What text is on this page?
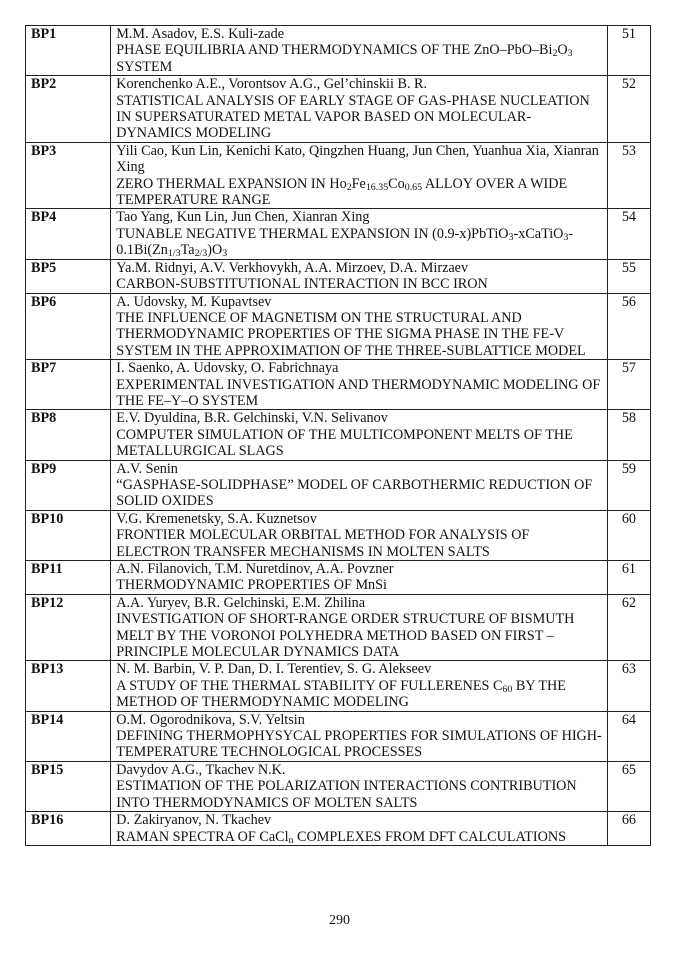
BP1	M.M. Asadov, E.S. Kuli-zade
PHASE EQUILIBRIA AND THERMODYNAMICS OF THE ZnO–$PbO-Bi_2O_3$ SYSTEM	51
BP2	Korenchenko A.E., Vorontsov A.G., Gel’chinskii B. R.
STATISTICAL ANALYSIS OF EARLY STAGE OF GAS-PHASE NUCLEATION IN SUPERSATURATED METAL VAPOR BASED ON MOLECULAR-DYNAMICS MODELING	52
BP3	Yili Cao, Kun Lin, Kenichi Kato, Qingzhen Huang, Jun Chen, Yuanhua Xia, Xianran Xing
ZERO THERMAL EXPANSION IN $Ho_2Fe_{16.35}Co_{0.65}$ ALLOY OVER A WIDE TEMPERATURE RANGE	53
BP4	Tao Yang, Kun Lin, Jun Chen, Xianran Xing
TUNABLE NEGATIVE THERMAL EXPANSION IN $(0.9-x)PbTiO_3-xCaTiO_3-0.1Bi(Zn_{1/3}Ta_{2/3})O_3$	54
BP5	Ya.M. Ridnyi, A.V. Verkhovykh, A.A. Mirzoev, D.A. Mirzaev
CARBON-SUBSTITUTIONAL INTERACTION IN BCC IRON	55
BP6	A. Udovsky, M. Kupavtsev
THE INFLUENCE OF MAGNETISM ON THE STRUCTURAL AND THERMODYNAMIC PROPERTIES OF THE SIGMA PHASE IN THE FE-V SYSTEM IN THE APPROXIMATION OF THE THREE-SUBLATTICE MODEL	56
BP7	I. Saenko, A. Udovsky, O. Fabrichnaya
EXPERIMENTAL INVESTIGATION AND THERMODYNAMIC MODELING OF THE FE–Y–O SYSTEM	57
BP8	E.V. Dyuldina, B.R. Gelchinski, V.N. Selivanov
COMPUTER SIMULATION OF THE MULTICOMPONENT MELTS OF THE METALLURGICAL SLAGS	58
BP9	A.V. Senin
“GASPHASE-SOLIDPHASE” MODEL OF CARBOTHERMIC REDUCTION OF SOLID OXIDES	59
BP10	V.G. Kremenetsky, S.A. Kuznetsov
FRONTIER MOLECULAR ORBITAL METHOD FOR ANALYSIS OF ELECTRON TRANSFER MECHANISMS IN MOLTEN SALTS	60
BP11	A.N. Filanovich, T.M. Nuretdinov, A.A. Povzner
THERMODYNAMIC PROPERTIES OF MnSi	61
BP12	A.A. Yuryev, B.R. Gelchinski, E.M. Zhilina
INVESTIGATION OF SHORT-RANGE ORDER STRUCTURE OF BISMUTH MELT BY THE VORONOI POLYHEDRA METHOD BASED ON FIRST – PRINCIPLE MOLECULAR DYNAMICS DATA	62
BP13	N. M. Barbin, V. P. Dan, D. I. Terentiev, S. G. Alekseev
A STUDY OF THE THERMAL STABILITY OF FULLERENES $C_{60}$ BY THE METHOD OF THERMODYNAMIC MODELING	63
BP14	O.M. Ogorodnikova, S.V. Yeltsin
DEFINING THERMOPHYSYCAL PROPERTIES FOR SIMULATIONS OF HIGH-TEMPERATURE TECHNOLOGICAL PROCESSES	64
BP15	Davydov A.G., Tkachev N.K.
ESTIMATION OF THE POLARIZATION INTERACTIONS CONTRIBUTION INTO THERMODYNAMICS OF MOLTEN SALTS	65
BP16	D. Zakiryanov, N. Tkachev
RAMAN SPECTRA OF CaCl$_n$ COMPLEXES FROM DFT CALCULATIONS	66
290
